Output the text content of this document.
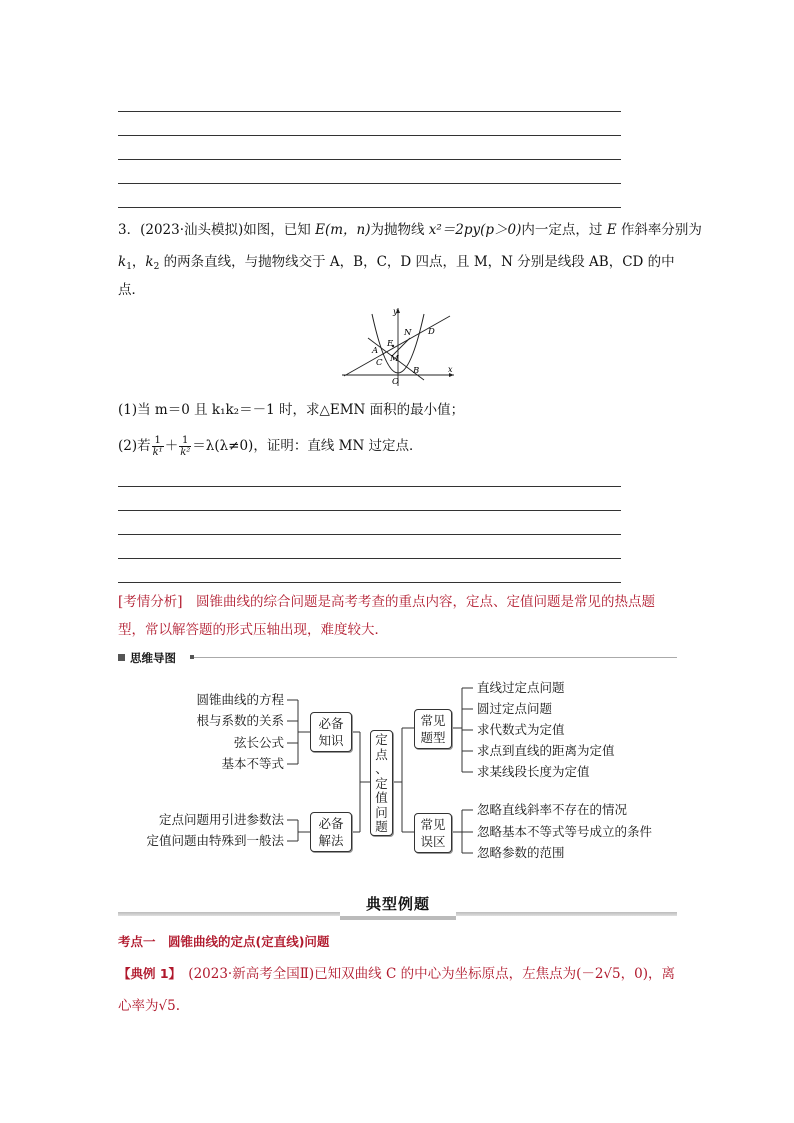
3．(2023·汕头模拟)如图，已知 E(m，n)为抛物线 x²＝2py(p＞0)内一定点，过 E 作斜率分别为
$k_1$，$k_2$ 的两条直线，与抛物线交于 A，B，C，D 四点，且 M，N 分别是线段 AB，CD 的中
点．
y
x
N D
E
A
M
C
O
B
(1)当 m＝0 且 k₁k₂＝－1 时，求△EMN 面积的最小值；
(2)若 $\frac{1}{\text{k¹}} + \frac{1}{\text{k²}} =\lambda(\lambda\ne 0)$，证明：直线 MN 过定点．
[考情分析]　圆锥曲线的综合问题是高考考查的重点内容，定点、定值问题是常见的热点题
型，常以解答题的形式压轴出现，难度较大．
思维导图
圆锥曲线的方程
根与系数的关系
弦长公式
基本不等式
定点问题用引进参数法
定值问题由特殊到一般法
必备
知识
必备
解法
定
点
、
定
值
问
题
常见
题型
常见
误区
直线过定点问题
圆过定点问题
求代数式为定值
求点到直线的距离为定值
求某线段长度为定值
忽略直线斜率不存在的情况
忽略基本不等式等号成立的条件
忽略参数的范围
典型例题
考点一　圆锥曲线的定点(定直线)问题
【典例 1】　(2023·新高考全国Ⅱ)已知双曲线 C 的中心为坐标原点，左焦点为(－2√5，0)，离
心率为√5.
